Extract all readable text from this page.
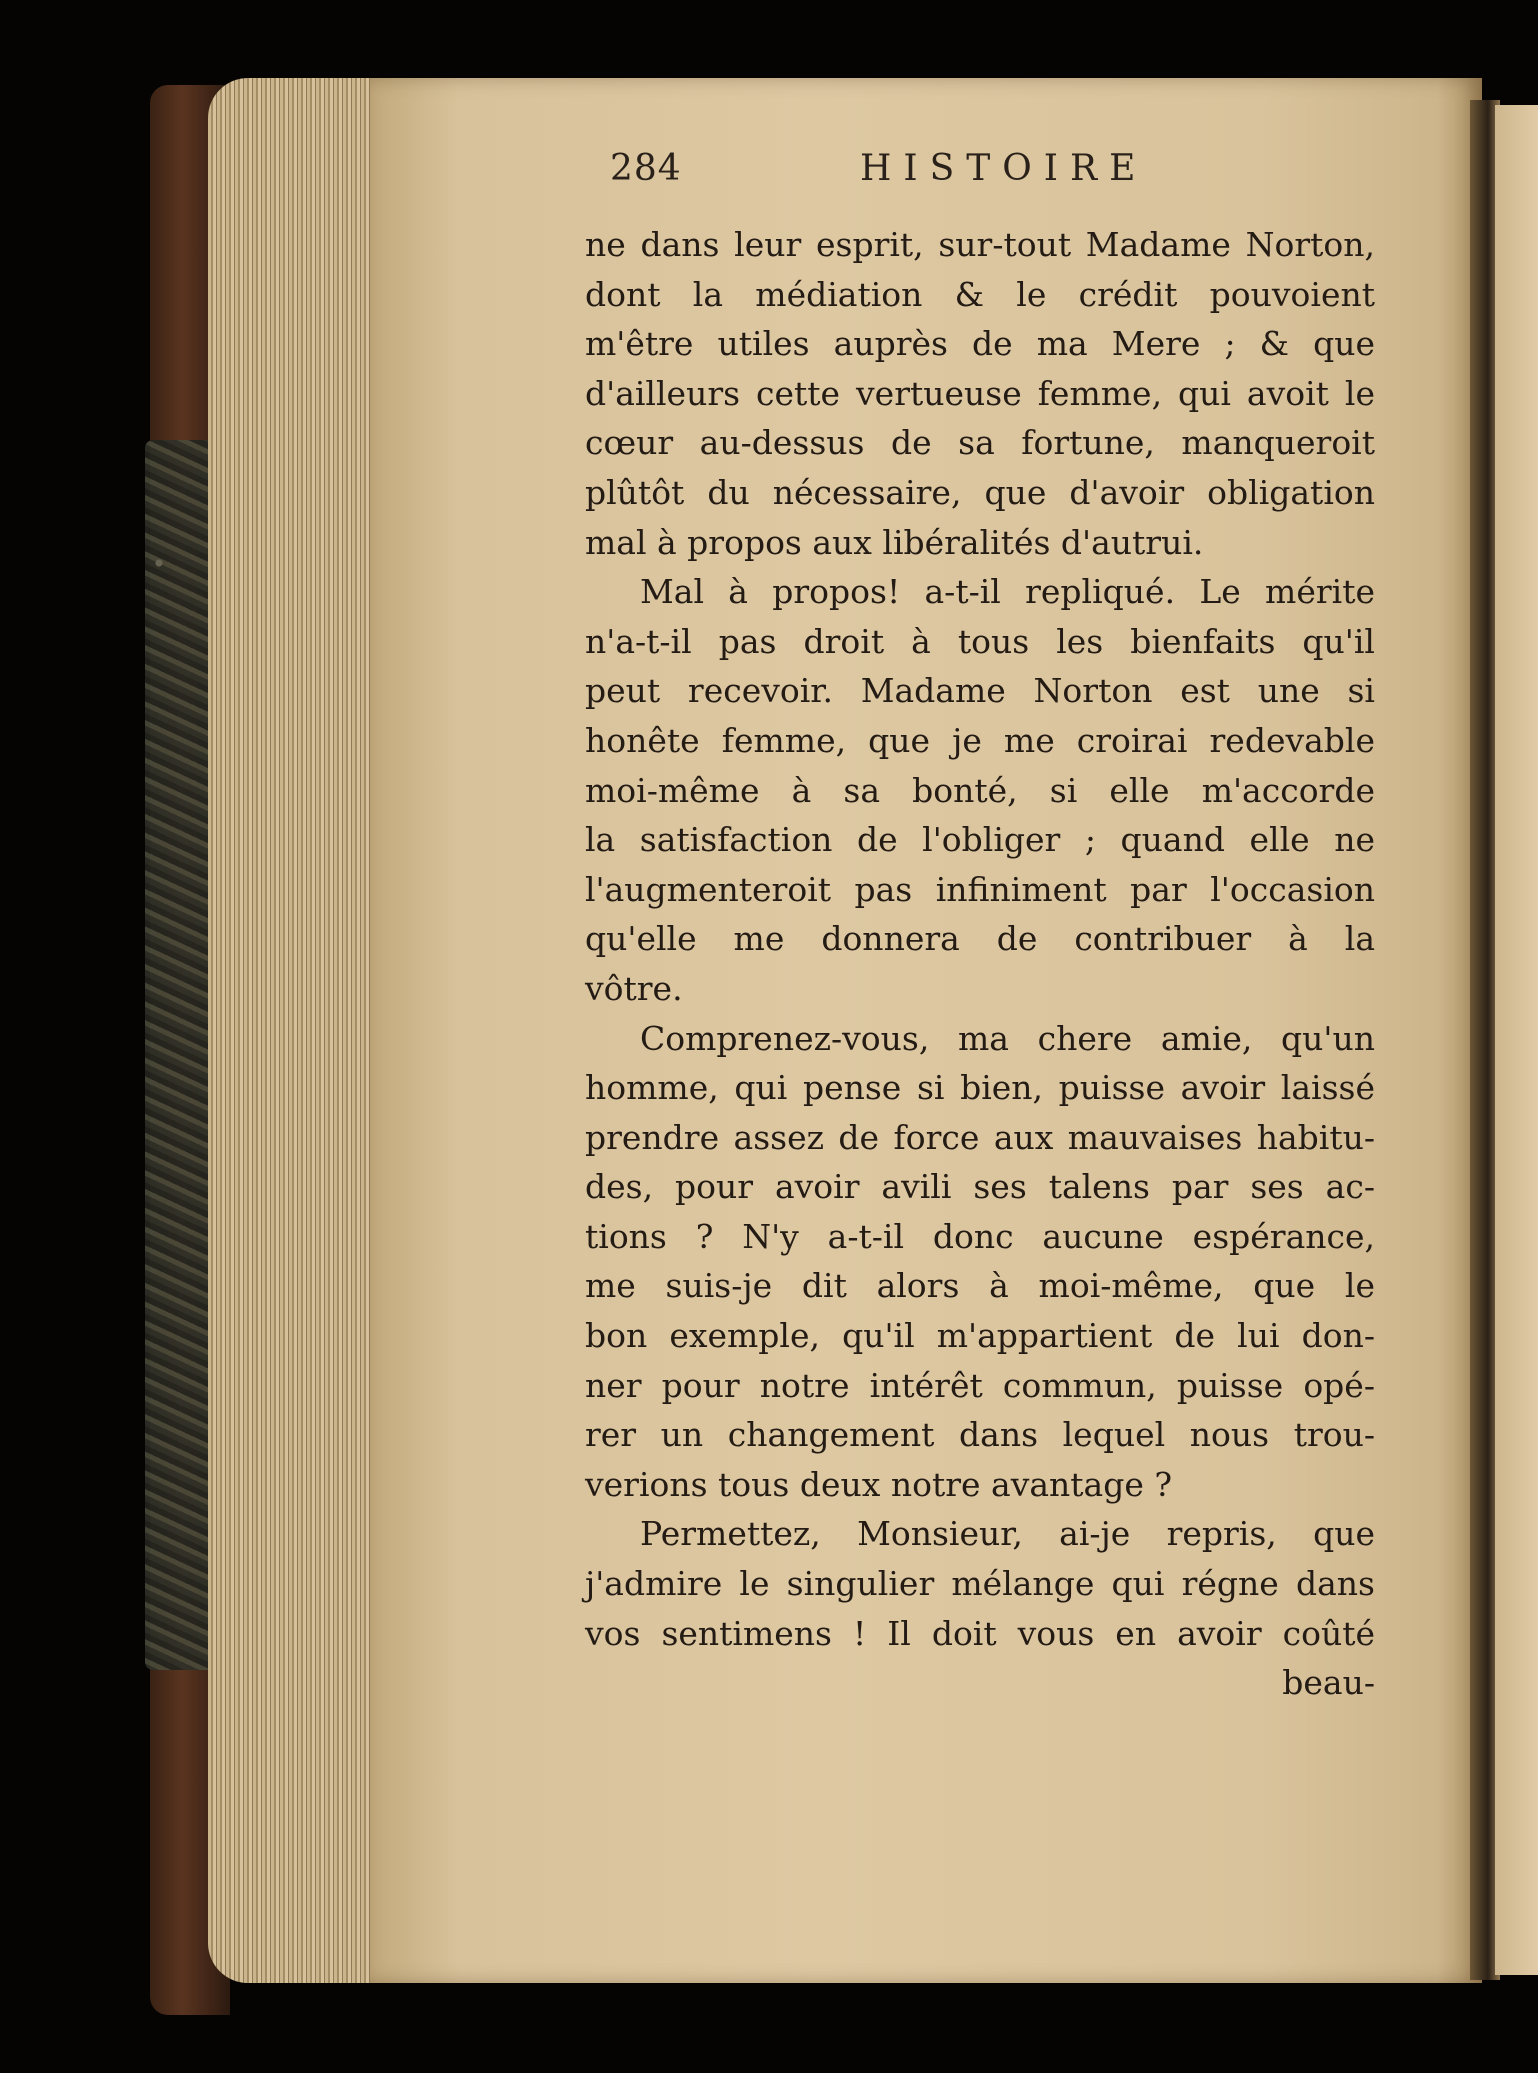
284	HISTOIRE
ne dans leur esprit, sur-tout Madame Norton,
dont la médiation & le crédit pouvoient
m'être utiles auprès de ma Mere ; & que
d'ailleurs cette vertueuse femme, qui avoit le
cœur au-dessus de sa fortune, manqueroit
plûtôt du nécessaire, que d'avoir obligation
mal à propos aux libéralités d'autrui.
Mal à propos! a-t-il repliqué. Le mérite
n'a-t-il pas droit à tous les bienfaits qu'il
peut recevoir. Madame Norton est une si
honête femme, que je me croirai redevable
moi-même à sa bonté, si elle m'accorde
la satisfaction de l'obliger ; quand elle ne
l'augmenteroit pas infiniment par l'occasion
qu'elle me donnera de contribuer à la
vôtre.
Comprenez-vous, ma chere amie, qu'un
homme, qui pense si bien, puisse avoir laissé
prendre assez de force aux mauvaises habitu-
des, pour avoir avili ses talens par ses ac-
tions ? N'y a-t-il donc aucune espérance,
me suis-je dit alors à moi-même, que le
bon exemple, qu'il m'appartient de lui don-
ner pour notre intérêt commun, puisse opé-
rer un changement dans lequel nous trou-
verions tous deux notre avantage ?
Permettez, Monsieur, ai-je repris, que
j'admire le singulier mélange qui régne dans
vos sentimens ! Il doit vous en avoir coûté
beau-
